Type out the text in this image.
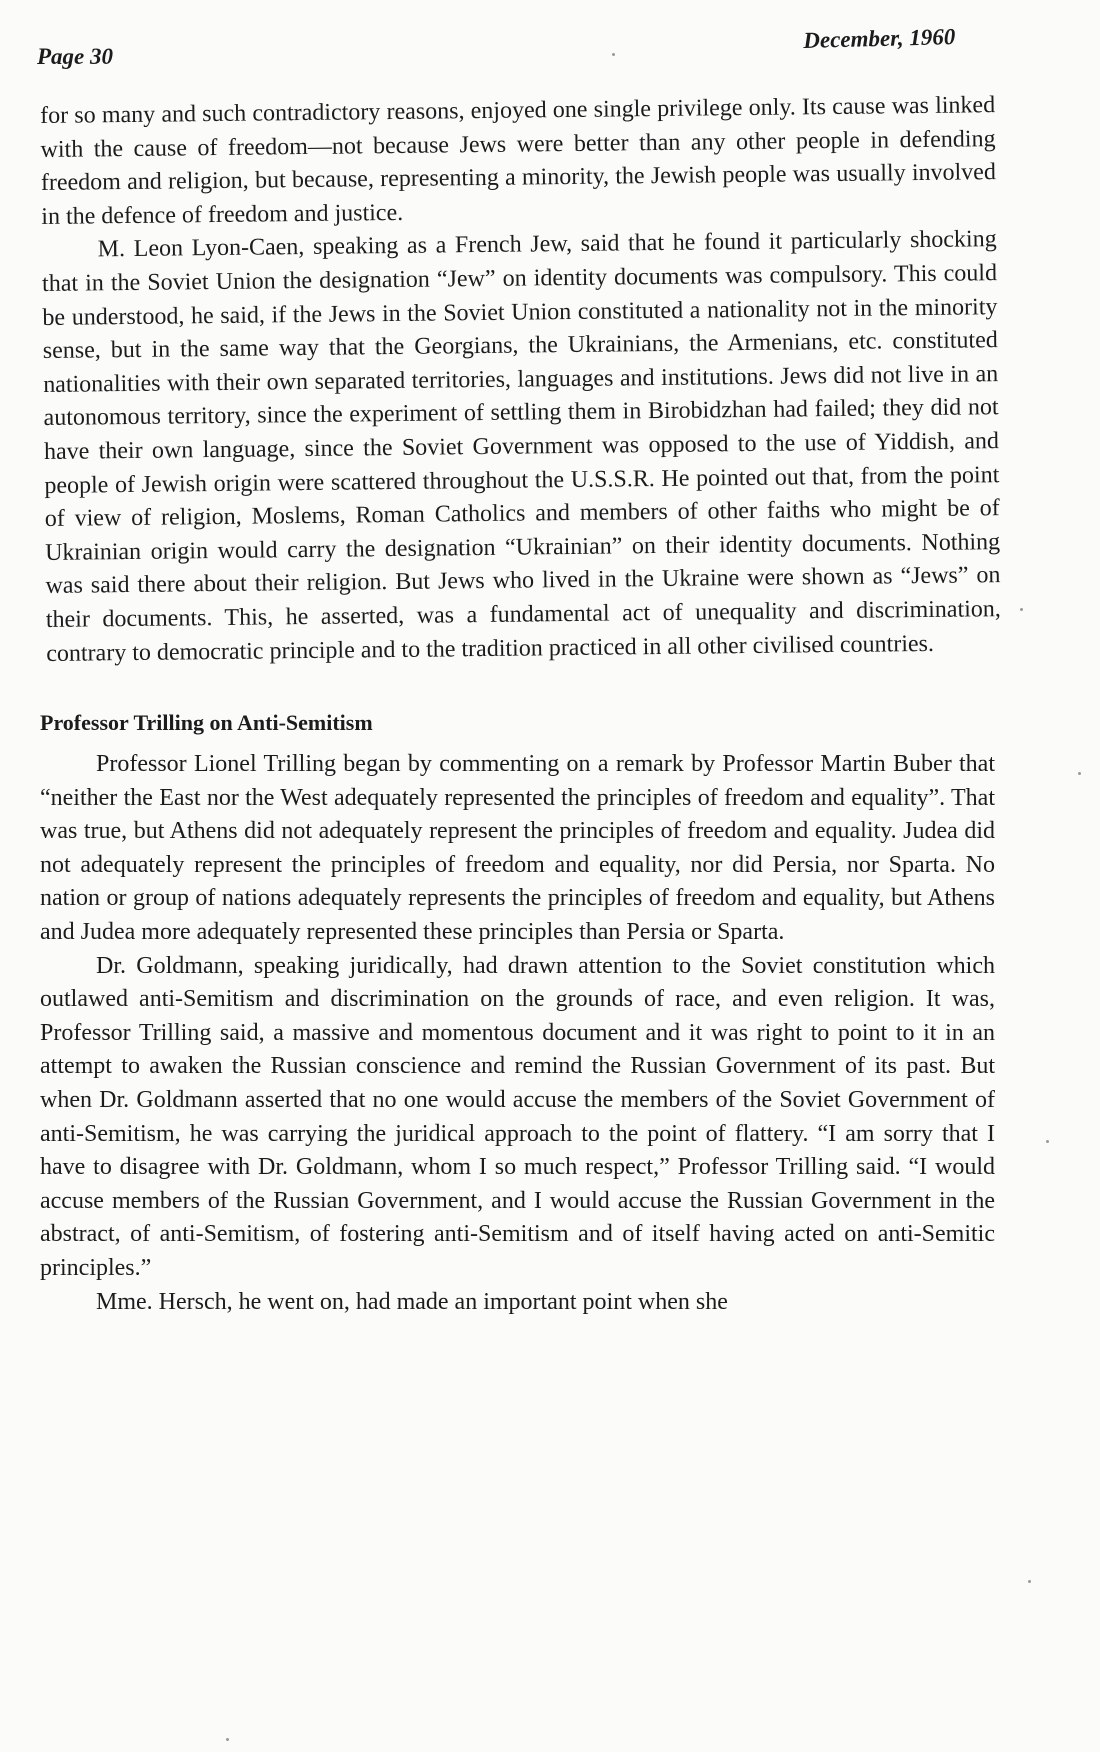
Page 30
December, 1960

for so many and such contradictory reasons, enjoyed one single privilege only. Its cause was linked with the cause of freedom—not because Jews were better than any other people in defending freedom and religion, but because, representing a minority, the Jewish people was usually involved in the defence of freedom and justice.

M. Leon Lyon-Caen, speaking as a French Jew, said that he found it particularly shocking that in the Soviet Union the designation “Jew” on identity documents was compulsory. This could be understood, he said, if the Jews in the Soviet Union constituted a nationality not in the minority sense, but in the same way that the Georgians, the Ukrainians, the Armenians, etc. constituted nationalities with their own separated territories, languages and institutions. Jews did not live in an autonomous territory, since the experiment of settling them in Birobidzhan had failed; they did not have their own language, since the Soviet Government was opposed to the use of Yiddish, and people of Jewish origin were scattered throughout the U.S.S.R. He pointed out that, from the point of view of religion, Moslems, Roman Catholics and members of other faiths who might be of Ukrainian origin would carry the designation “Ukrainian” on their identity documents. Nothing was said there about their religion. But Jews who lived in the Ukraine were shown as “Jews” on their documents. This, he asserted, was a fundamental act of unequality and discrimination, contrary to democratic principle and to the tradition practiced in all other civilised countries.

Professor Trilling on Anti-Semitism

Professor Lionel Trilling began by commenting on a remark by Professor Martin Buber that “neither the East nor the West adequately represented the principles of freedom and equality”. That was true, but Athens did not adequately represent the principles of freedom and equality. Judea did not adequately represent the principles of freedom and equality, nor did Persia, nor Sparta. No nation or group of nations adequately represents the principles of freedom and equality, but Athens and Judea more adequately represented these principles than Persia or Sparta.

Dr. Goldmann, speaking juridically, had drawn attention to the Soviet constitution which outlawed anti-Semitism and discrimination on the grounds of race, and even religion. It was, Professor Trilling said, a massive and momentous document and it was right to point to it in an attempt to awaken the Russian conscience and remind the Russian Government of its past. But when Dr. Goldmann asserted that no one would accuse the members of the Soviet Government of anti-Semitism, he was carrying the juridical approach to the point of flattery. “I am sorry that I have to disagree with Dr. Goldmann, whom I so much respect,” Professor Trilling said. “I would accuse members of the Russian Government, and I would accuse the Russian Government in the abstract, of anti-Semitism, of fostering anti-Semitism and of itself having acted on anti-Semitic principles.”

Mme. Hersch, he went on, had made an important point when she
